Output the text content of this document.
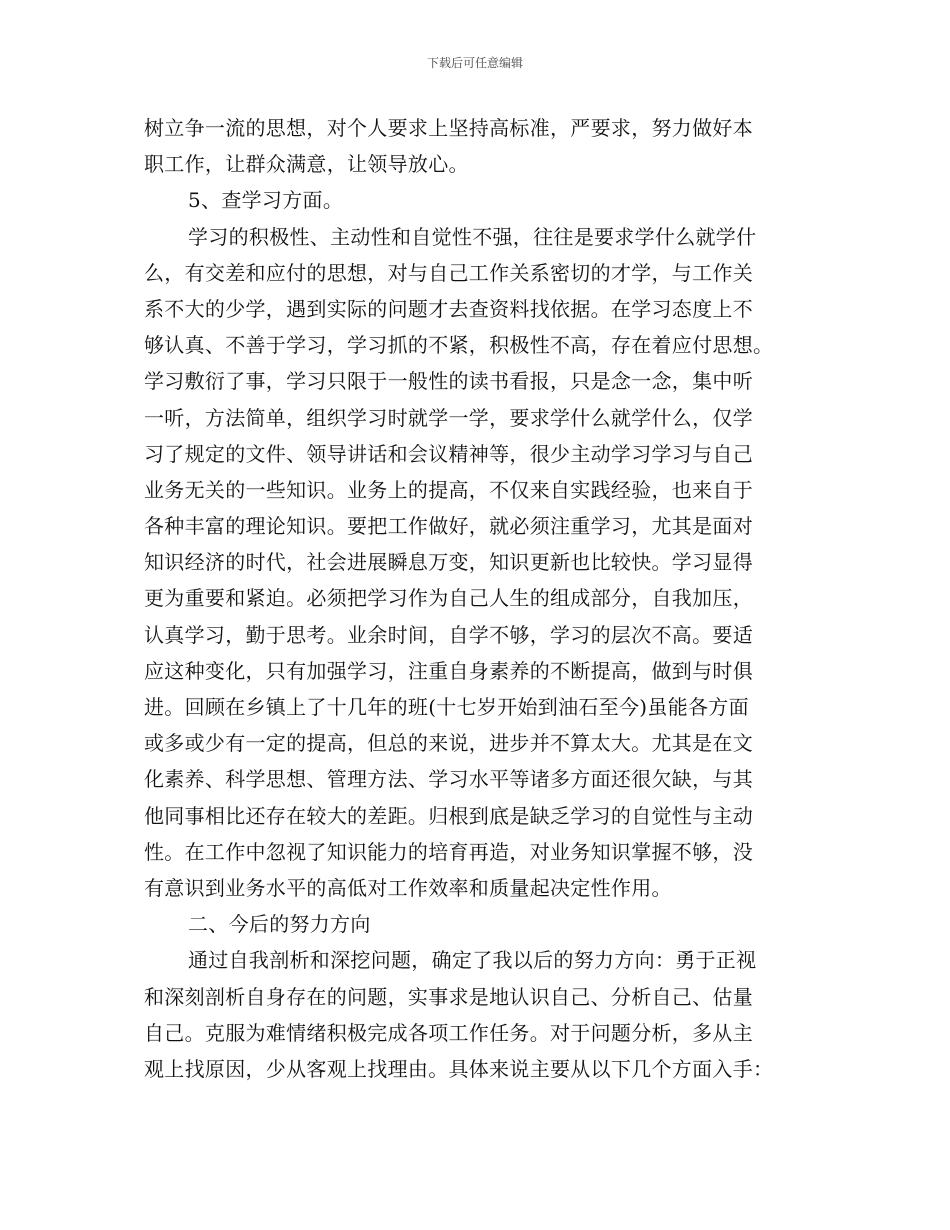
下载后可任意编辑
树立争一流的思想，对个人要求上坚持高标准，严要求，努力做好本
职工作，让群众满意，让领导放心。
5、查学习方面。
学习的积极性、主动性和自觉性不强，往往是要求学什么就学什
么，有交差和应付的思想，对与自己工作关系密切的才学，与工作关
系不大的少学，遇到实际的问题才去查资料找依据。在学习态度上不
够认真、不善于学习，学习抓的不紧，积极性不高，存在着应付思想。
学习敷衍了事，学习只限于一般性的读书看报，只是念一念，集中听
一听，方法简单，组织学习时就学一学，要求学什么就学什么，仅学
习了规定的文件、领导讲话和会议精神等，很少主动学习学习与自己
业务无关的一些知识。业务上的提高，不仅来自实践经验，也来自于
各种丰富的理论知识。要把工作做好，就必须注重学习，尤其是面对
知识经济的时代，社会进展瞬息万变，知识更新也比较快。学习显得
更为重要和紧迫。必须把学习作为自己人生的组成部分，自我加压，
认真学习，勤于思考。业余时间，自学不够，学习的层次不高。要适
应这种变化，只有加强学习，注重自身素养的不断提高，做到与时俱
进。回顾在乡镇上了十几年的班(十七岁开始到油石至今)虽能各方面
或多或少有一定的提高，但总的来说，进步并不算太大。尤其是在文
化素养、科学思想、管理方法、学习水平等诸多方面还很欠缺，与其
他同事相比还存在较大的差距。归根到底是缺乏学习的自觉性与主动
性。在工作中忽视了知识能力的培育再造，对业务知识掌握不够，没
有意识到业务水平的高低对工作效率和质量起决定性作用。
二、今后的努力方向
通过自我剖析和深挖问题，确定了我以后的努力方向：勇于正视
和深刻剖析自身存在的问题，实事求是地认识自己、分析自己、估量
自己。克服为难情绪积极完成各项工作任务。对于问题分析，多从主
观上找原因，少从客观上找理由。具体来说主要从以下几个方面入手：
